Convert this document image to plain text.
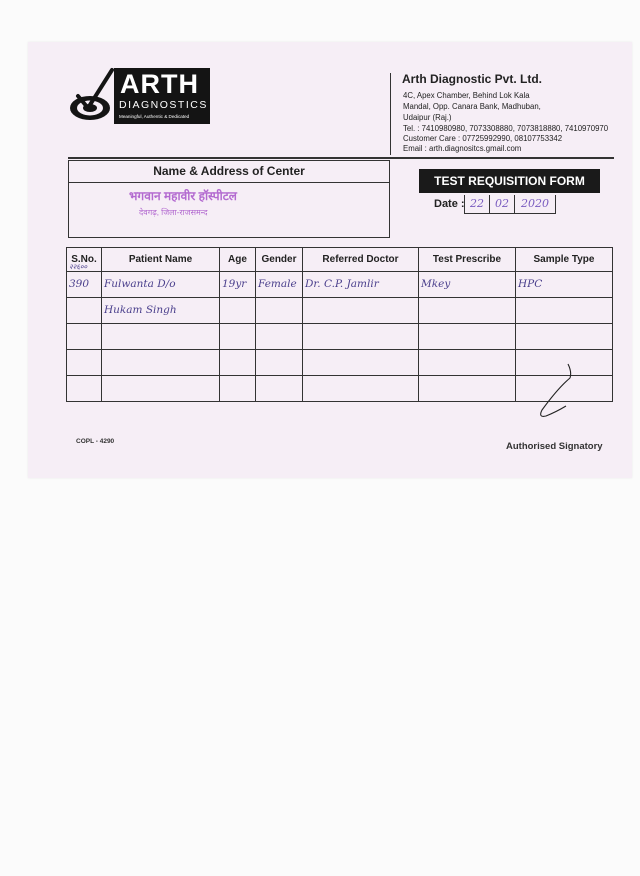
ARTH
DIAGNOSTICS
Meaningful, Authentic & Dedicated
Arth Diagnostic Pvt. Ltd.
4C, Apex Chamber, Behind Lok Kala
Mandal, Opp. Canara Bank, Madhuban,
Udaipur (Raj.)
Tel. : 7410980980, 7073308880, 7073818880, 7410970970
Customer Care : 07725992990, 08107753342
Email : arth.diagnositcs.gmail.com
Name & Address of Center
भगवान महावीर हॉस्पीटल
देवगढ़, जिला-राजसमन्द
TEST REQUISITION FORM
Date : 22	02	2020
S.No.	Patient Name	Age	Gender	Referred Doctor	Test Prescribe	Sample Type

२२६००
390	Fulwanta D/o	19yr	Female	Dr. C.P. Jamlir	Mkey	HPC
	Hukam Singh					

COPL - 4290	Authorised Signatory
